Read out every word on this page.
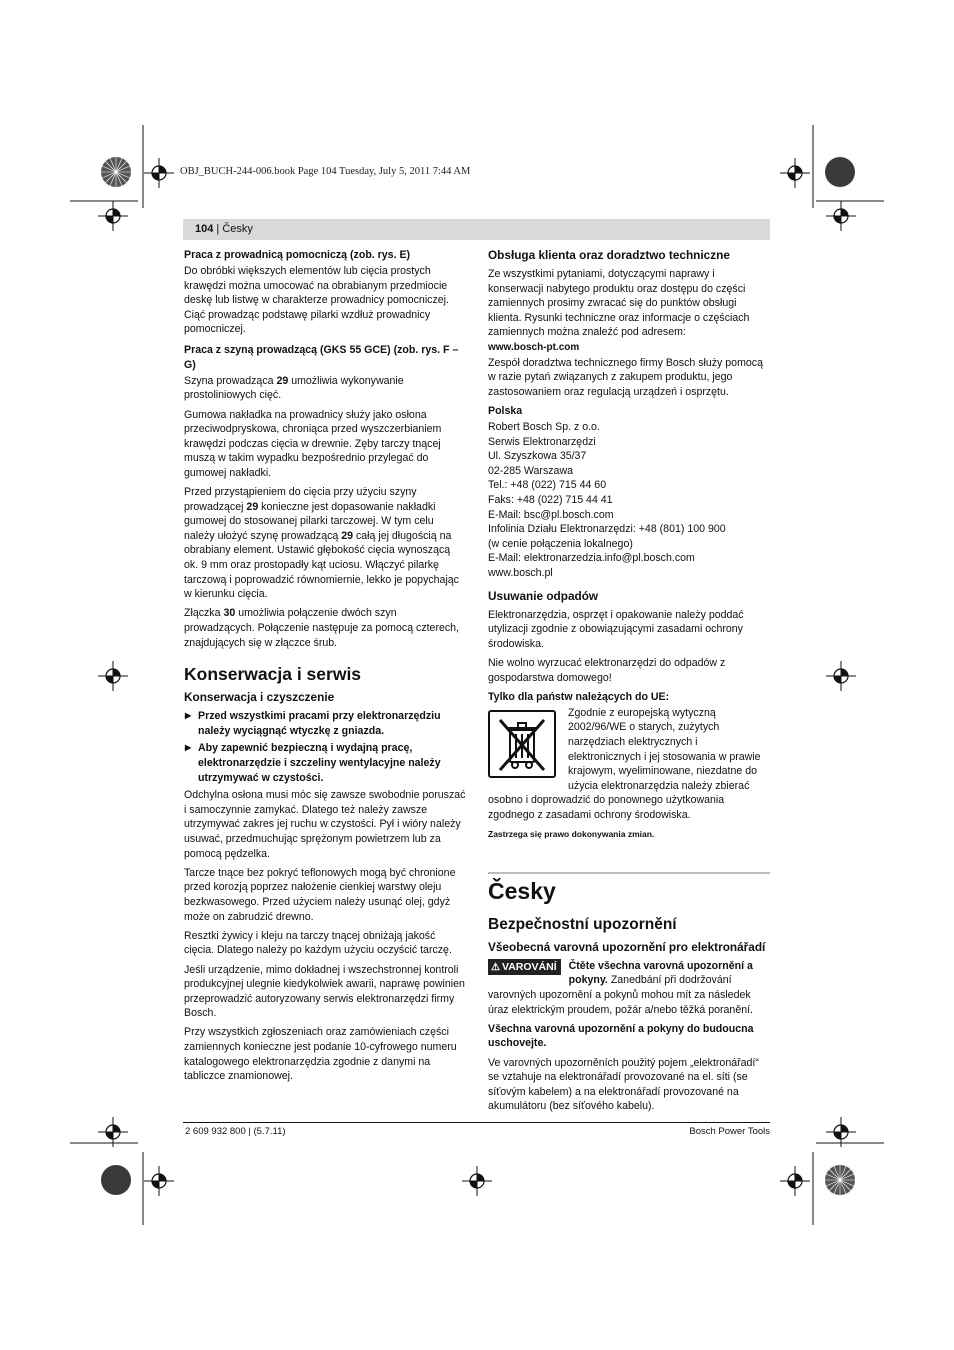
OBJ_BUCH-244-006.book Page 104 Tuesday, July 5, 2011 7:44 AM
104 | Česky
Praca z prowadnicą pomocniczą (zob. rys. E)

Do obróbki większych elementów lub cięcia prostych krawędzi można umocować na obrabianym przedmiocie deskę lub listwę w charakterze prowadnicy pomocniczej. Ciąć prowadząc podstawę pilarki wzdłuż prowadnicy pomocniczej.

Praca z szyną prowadzącą (GKS 55 GCE) (zob. rys. F – G)

Szyna prowadząca 29 umożliwia wykonywanie prostoliniowych cięć.

Gumowa nakładka na prowadnicy służy jako osłona przeciwodpryskowa, chroniąca przed wyszczerbianiem krawędzi podczas cięcia w drewnie. Zęby tarczy tnącej muszą w takim wypadku bezpośrednio przylegać do gumowej nakładki.

Przed przystąpieniem do cięcia przy użyciu szyny prowadzącej 29 konieczne jest dopasowanie nakładki gumowej do stosowanej pilarki tarczowej. W tym celu należy ułożyć szynę prowadzącą 29 całą jej długością na obrabiany element. Ustawić głębokość cięcia wynoszącą ok. 9 mm oraz prostopadły kąt uciosu. Włączyć pilarkę tarczową i poprowadzić równomiernie, lekko je popychając w kierunku cięcia.

Złączka 30 umożliwia połączenie dwóch szyn prowadzących. Połączenie następuje za pomocą czterech, znajdujących się w złączce śrub.

Konserwacja i serwis
Konserwacja i czyszczenie
▶ Przed wszystkimi pracami przy elektronarzędziu należy wyciągnąć wtyczkę z gniazda.
▶ Aby zapewnić bezpieczną i wydajną pracę, elektronarzędzie i szczeliny wentylacyjne należy utrzymywać w czystości.

Odchylna osłona musi móc się zawsze swobodnie poruszać i samoczynnie zamykać. Dlatego też należy zawsze utrzymywać zakres jej ruchu w czystości. Pył i wióry należy usuwać, przedmuchując sprężonym powietrzem lub za pomocą pędzelka.

Tarcze tnące bez pokryć teflonowych mogą być chronione przed korozją poprzez nałożenie cienkiej warstwy oleju bezkwasowego. Przed użyciem należy usunąć olej, gdyż może on zabrudzić drewno.

Resztki żywicy i kleju na tarczy tnącej obniżają jakość cięcia. Dlatego należy po każdym użyciu oczyścić tarczę.

Jeśli urządzenie, mimo dokładnej i wszechstronnej kontroli produkcyjnej ulegnie kiedykolwiek awarii, naprawę powinien przeprowadzić autoryzowany serwis elektronarzędzi firmy Bosch.

Przy wszystkich zgłoszeniach oraz zamówieniach części zamiennych konieczne jest podanie 10-cyfrowego numeru katalogowego elektronarzędzia zgodnie z danymi na tabliczce znamionowej.

Obsługa klienta oraz doradztwo techniczne

Ze wszystkimi pytaniami, dotyczącymi naprawy i konserwacji nabytego produktu oraz dostępu do części zamiennych prosimy zwracać się do punktów obsługi klienta. Rysunki techniczne oraz informacje o częściach zamiennych można znaleźć pod adresem:

www.bosch-pt.com

Zespół doradztwa technicznego firmy Bosch służy pomocą w razie pytań związanych z zakupem produktu, jego zastosowaniem oraz regulacją urządzeń i osprzętu.

Polska
Robert Bosch Sp. z o.o.
Serwis Elektronarzędzi
Ul. Szyszkowa 35/37
02-285 Warszawa
Tel.: +48 (022) 715 44 60
Faks: +48 (022) 715 44 41
E-Mail: bsc@pl.bosch.com
Infolinia Działu Elektronarzędzi: +48 (801) 100 900
(w cenie połączenia lokalnego)
E-Mail: elektronarzedzia.info@pl.bosch.com
www.bosch.pl
Usuwanie odpadów

Elektronarzędzia, osprzęt i opakowanie należy poddać utylizacji zgodnie z obowiązującymi zasadami ochrony środowiska.

Nie wolno wyrzucać elektronarzędzi do odpadów z gospodarstwa domowego!

Tylko dla państw należących do UE:

Zgodnie z europejską wytyczną 2002/96/WE o starych, zużytych narzędziach elektrycznych i elektronicznych i jej stosowania w prawie krajowym, wyeliminowane, niezdatne do użycia elektronarzędzia należy zbierać osobno i doprowadzić do ponownego użytkowania zgodnego z zasadami ochrony środowiska.

Zastrzega się prawo dokonywania zmian.

Česky
Bezpečnostní upozornění
Všeobecná varovná upozornění pro elektronářadí

⚠ VAROVÁNÍ	Čtěte všechna varovná upozornění a pokyny. Zanedbání při dodržování varovných upozornění a pokynů mohou mít za následek úraz elektrickým proudem, požár a/nebo těžká poranění.

Všechna varovná upozornění a pokyny do budoucna uschovejte.

Ve varovných upozorněních použitý pojem „elektronářadí“ se vztahuje na elektronářadí provozované na el. síti (se síťovým kabelem) a na elektronářadí provozované na akumulátoru (bez síťového kabelu).

2 609 932 800 | (5.7.11)	Bosch Power Tools
